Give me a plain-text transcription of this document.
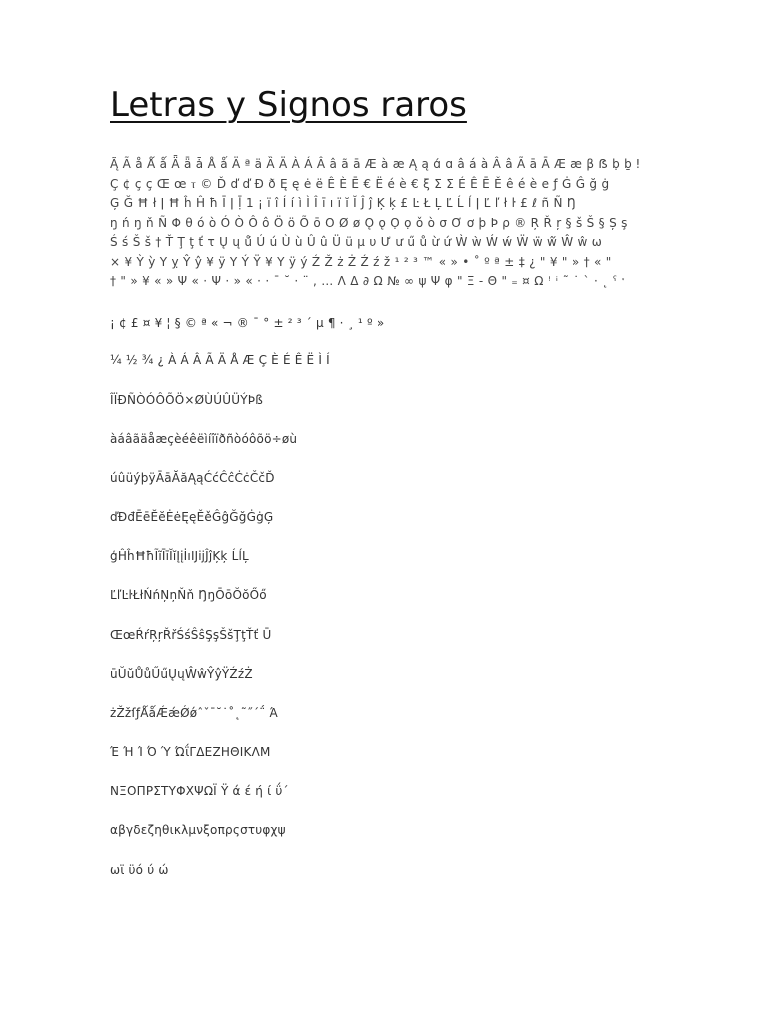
Letras y Signos raros
Ą̃ Ã å Ǻ ǻ Ǟ ǟ ǡ Å ǻ Ä ª ä Ȁ Ä À Á Â â ã ā Æ à æ Ą ą ɑ́ ɑ â á à Â â Ã ā Ā Æ æ β ẞ ḅ ḇ ǃ
Ç ¢ ç ç Œ œ ⲧ © Ď ď ď Đ ð Ę ę ė ë Ê È Ē € Ë é è € ξ Σ Σ É Ê Ē Ě ê é è e ƒ Ġ Ĝ ğ ġ
Ģ Ğ Ħ ł ǀ Ħ ĥ Ĥ ħ Ī ǀ ḹ 1 ¡ ï î Í í ì Ì Î ī ı ï ĭ Ĭ Ĵ ĵ Ķ ķ £ Ŀ Ł Ļ Ľ Ĺ ĺ ǀ Ľ ľ ł ŀ £ ℓ ñ Ñ Ŋ
ŋ ń ŋ ň Ñ Φ θ ó ò Ó Ò Ô ô Ö ö Õ ō O Ø ø Ǫ ǫ Ọ ọ ǒ ò σ Ơ ơ þ Þ ρ ® Ŗ Ř ŗ § š Š § Ș ş
Ś ś Š š † Ť Ţ ţ ť τ Ų ų ů́ Ú ú Ù ù Û û Ü ü μ υ Ư ư ű ů ừ ứ Ẁ ẁ Ẃ ẃ Ẅ ẅ ŵ́ Ŵ ŵ ω
× ¥ Ỳ ỳ Y ỵ Ŷ ŷ ¥ ÿ Y Ý Ÿ ¥ Y ÿ ý Ź Ž ż Ż Ź ź ž ¹ ² ³ ™ « » • ˚ º ª ± ‡ ¿ " ¥ " » † « "
† " » ¥ « » Ψ « · Ψ · » « · · ˉ ˘ · ¨ , … Λ Δ ∂ Ω № ∞ ψ Ψ φ " Ξ - Θ " ₌ ¤ Ω ꜝ ꜞ ˜ ˙ ˋ · ˛ ˁ ˑ
¡ ¢ £ ¤ ¥ ¦ § © ª « ¬ ® ¯ ° ± ² ³ ´ µ ¶ · ¸ ¹ º »
¼ ½ ¾ ¿ À Á Â Ã Ä Å Æ Ç È É Ê Ë Ì Í
ÎÏÐÑÒÓÔÕÖ×ØÙÚÛÜÝÞß
àáâãäåæçèéêëìíîïðñòóôõö÷øù
úûüýþÿĀāĂăĄąĆćĈĉĊċČčĎ
ďĐđĒēĔĕĖėĘęĚěĜĝĞğĠġĢ
ģĤĥĦħĨĩĪīĬĭĮįİıĲĳĴĵĶķ ĹĺĻ
ĽľĿŀŁłŃńŅņŇň ŊŋŌōŎŏŐő
ŒœŔŕŖŗŘřŚśŜŝŞşŠšŢţŤť Ū
ūŬŭŮůŰűŲųŴŵŶŷŸŹźŻ
żŽžſƒǺǻǼǽǾǿˆˇˉ˘˙˚˛˜˝΄΅ Ά
Έ Ή Ί Ό Ύ ΏΐΓΔΕΖΗΘΙΚΛΜ
ΝΞΟΠΡΣΤΥΦΧΨΩΪ Ϋ ά έ ή ί ΰ´
αβγδεζηθικλμνξοπρςστυφχψ
ωϊ ϋό ύ ώ
